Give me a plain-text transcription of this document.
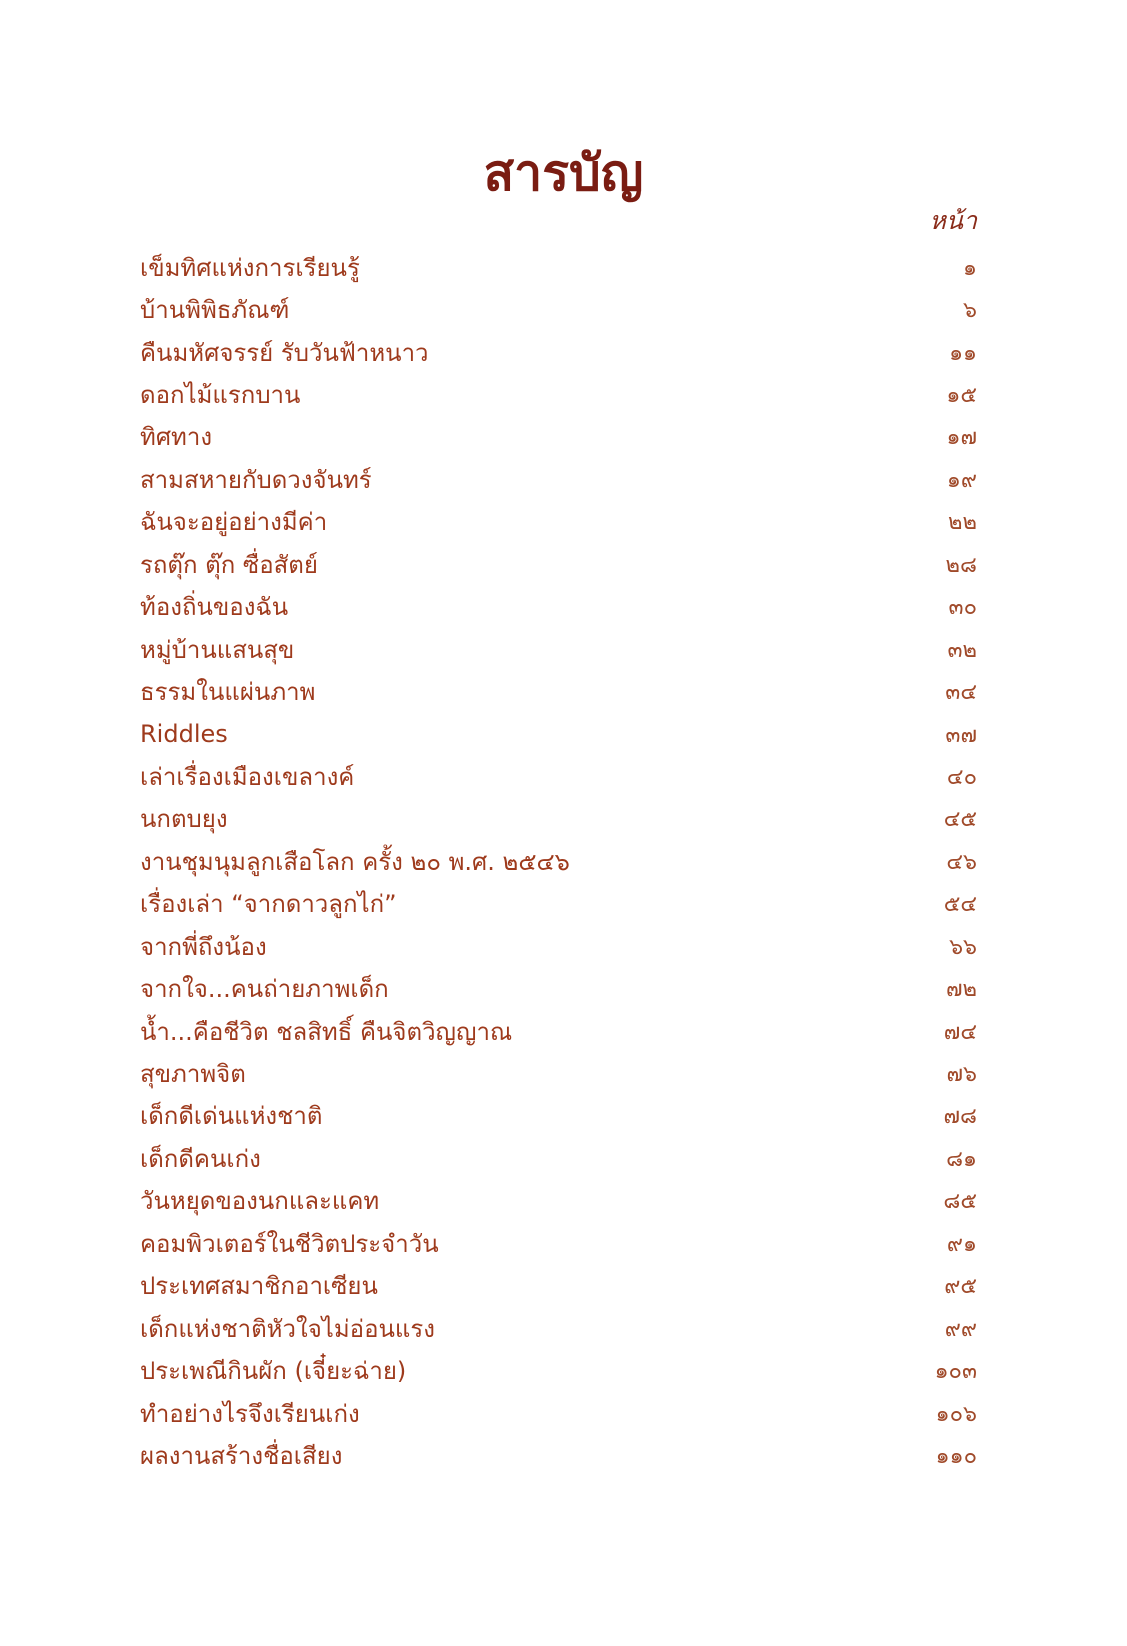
สารบัญ
หน้า
เข็มทิศแห่งการเรียนรู้	๑
บ้านพิพิธภัณฑ์	๖
คืนมหัศจรรย์ รับวันฟ้าหนาว	๑๑
ดอกไม้แรกบาน	๑๕
ทิศทาง	๑๗
สามสหายกับดวงจันทร์	๑๙
ฉันจะอยู่อย่างมีค่า	๒๒
รถตุ๊ก ตุ๊ก ซื่อสัตย์	๒๘
ท้องถิ่นของฉัน	๓๐
หมู่บ้านแสนสุข	๓๒
ธรรมในแผ่นภาพ	๓๔
Riddles	๓๗
เล่าเรื่องเมืองเขลางค์	๔๐
นกตบยุง	๔๕
งานชุมนุมลูกเสือโลก ครั้ง ๒๐ พ.ศ. ๒๕๔๖	๔๖
เรื่องเล่า “จากดาวลูกไก่”	๕๔
จากพี่ถึงน้อง	๖๖
จากใจ...คนถ่ายภาพเด็ก	๗๒
น้ำ...คือชีวิต ชลสิทธิ์ คืนจิตวิญญาณ	๗๔
สุขภาพจิต	๗๖
เด็กดีเด่นแห่งชาติ	๗๘
เด็กดีคนเก่ง	๘๑
วันหยุดของนกและแคท	๘๕
คอมพิวเตอร์ในชีวิตประจำวัน	๙๑
ประเทศสมาชิกอาเซียน	๙๕
เด็กแห่งชาติหัวใจไม่อ่อนแรง	๙๙
ประเพณีกินผัก (เจี๋ยะฉ่าย)	๑๐๓
ทำอย่างไรจึงเรียนเก่ง	๑๐๖
ผลงานสร้างชื่อเสียง	๑๑๐
